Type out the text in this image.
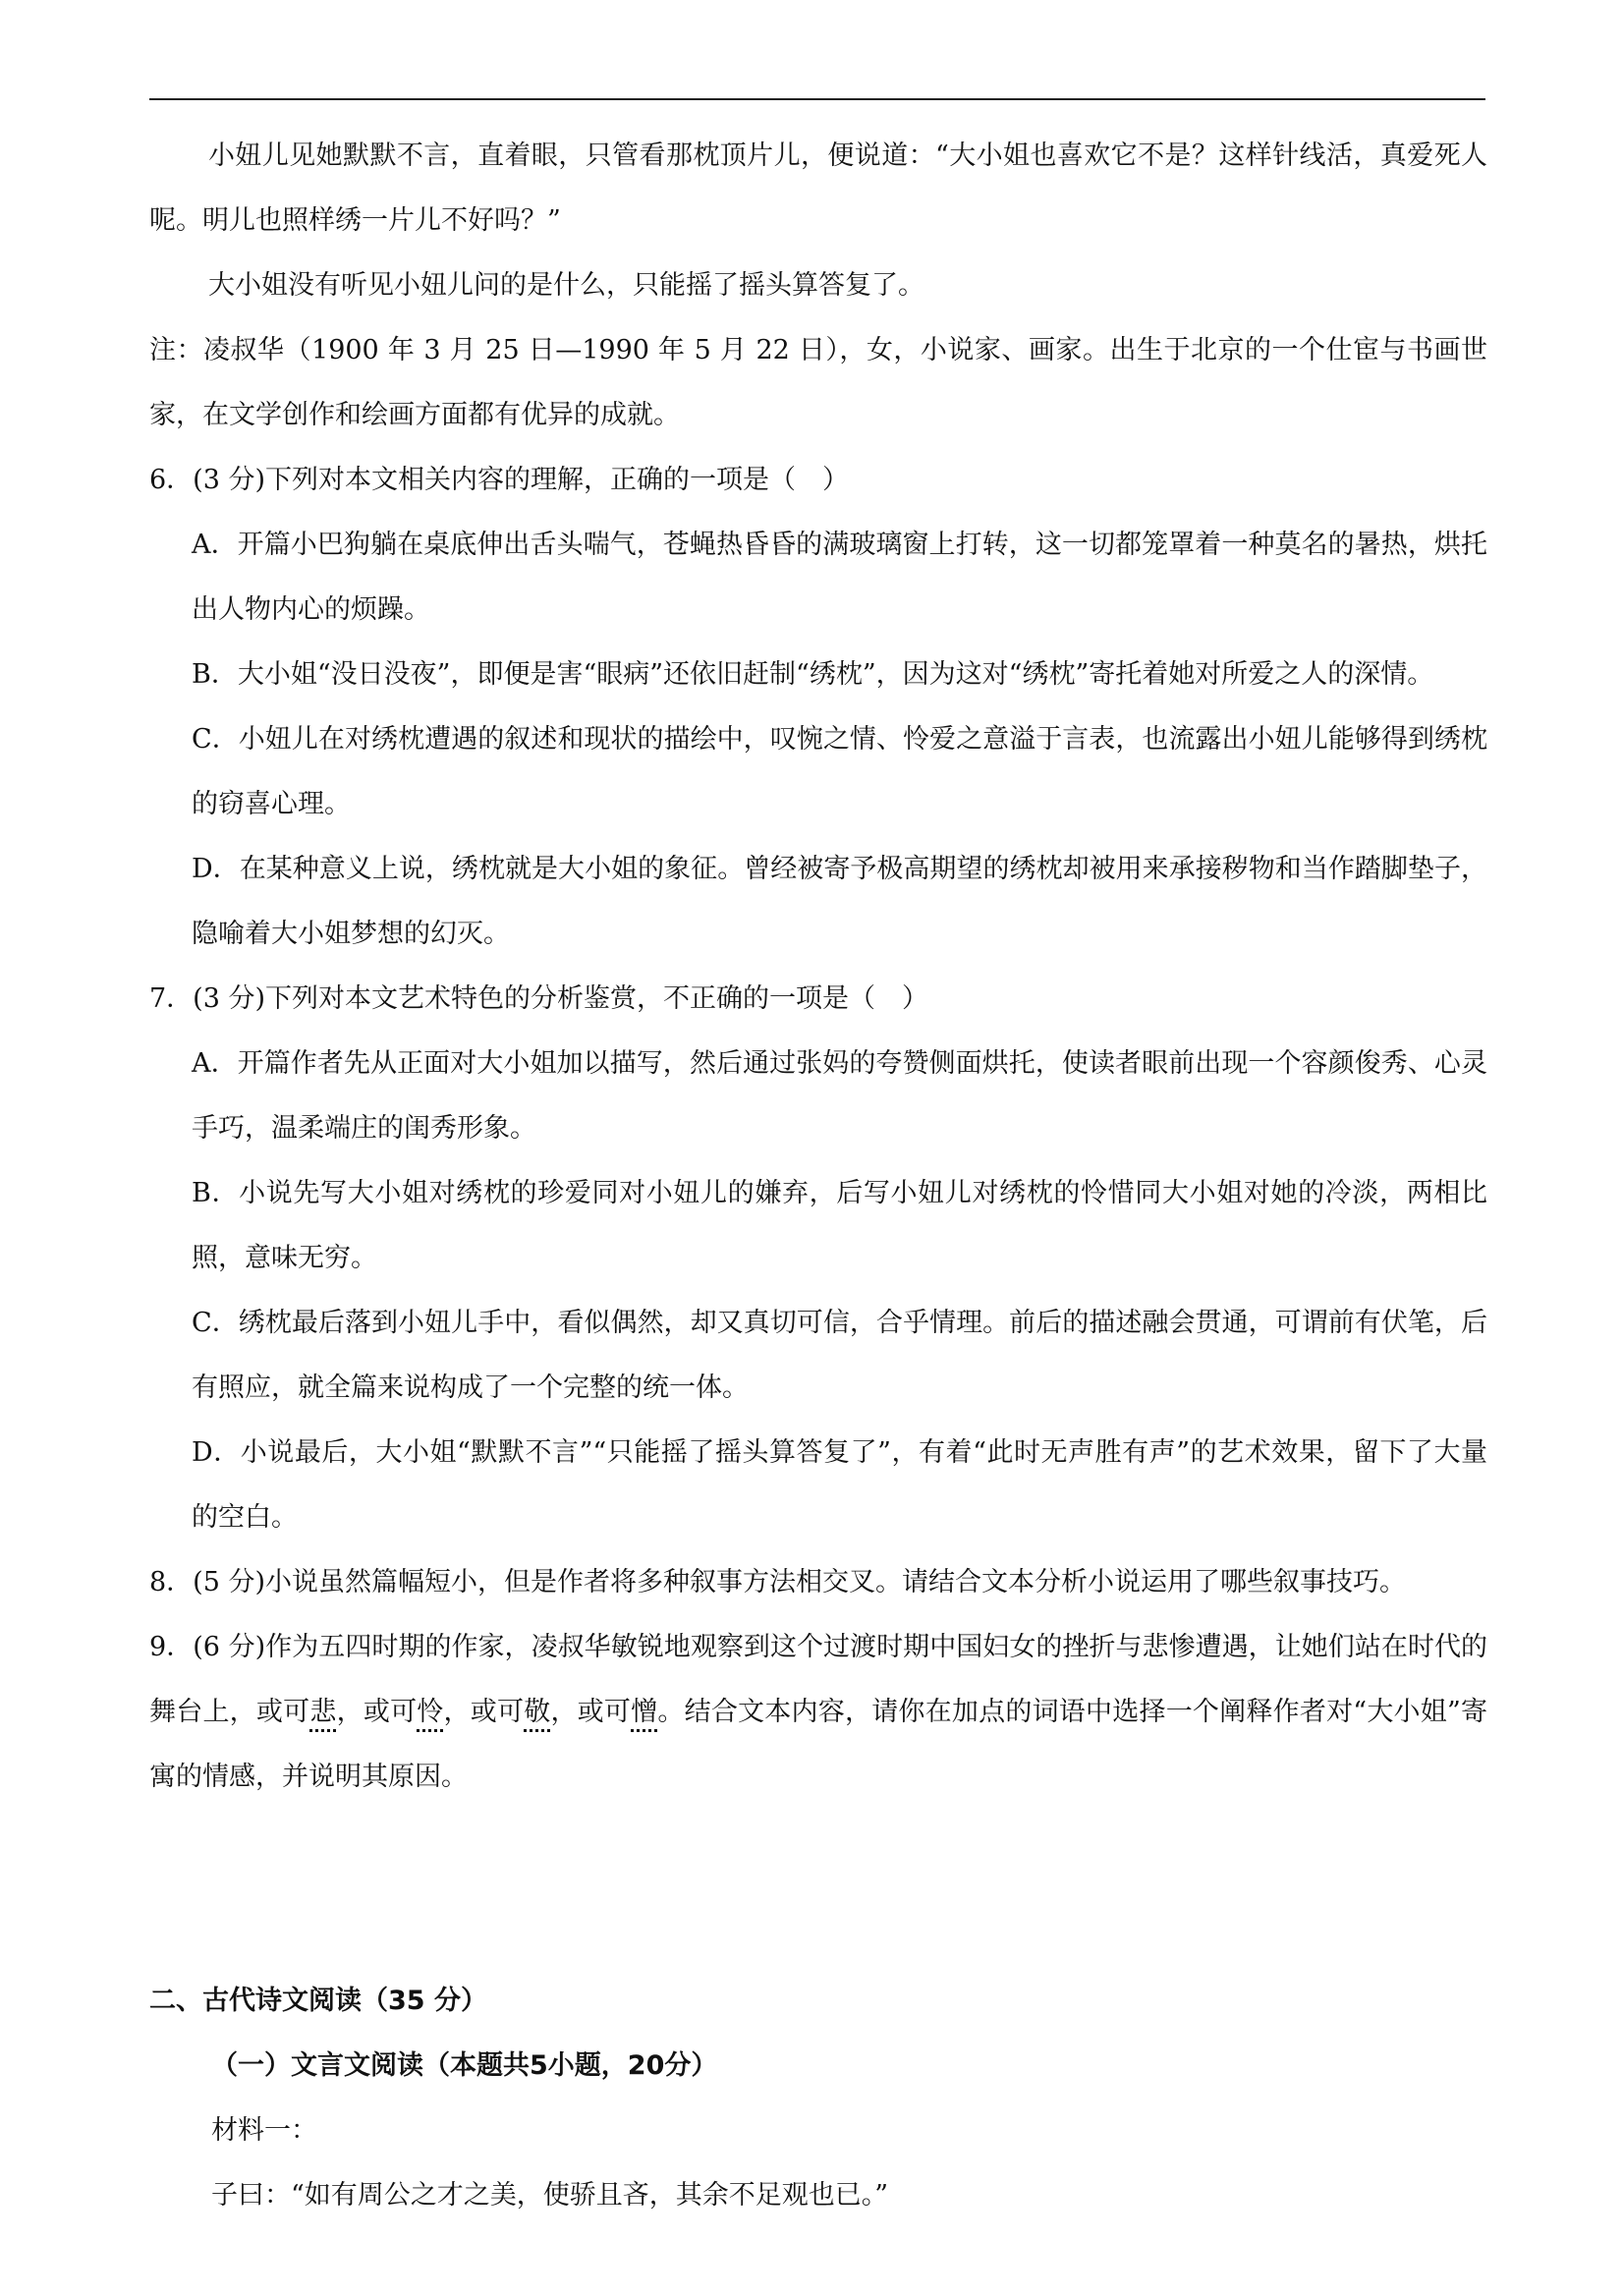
小妞儿见她默默不言，直着眼，只管看那枕顶片儿，便说道：“大小姐也喜欢它不是？这样针线活，真爱死人呢。明儿也照样绣一片儿不好吗？”

大小姐没有听见小妞儿问的是什么，只能摇了摇头算答复了。

注：凌叔华（1900 年 3 月 25 日—1990 年 5 月 22 日），女，小说家、画家。出生于北京的一个仕宦与书画世家，在文学创作和绘画方面都有优异的成就。

6．(3 分)下列对本文相关内容的理解，正确的一项是（　）

A．开篇小巴狗躺在桌底伸出舌头喘气，苍蝇热昏昏的满玻璃窗上打转，这一切都笼罩着一种莫名的暑热，烘托出人物内心的烦躁。

B．大小姐“没日没夜”，即便是害“眼病”还依旧赶制“绣枕”，因为这对“绣枕”寄托着她对所爱之人的深情。

C．小妞儿在对绣枕遭遇的叙述和现状的描绘中，叹惋之情、怜爱之意溢于言表，也流露出小妞儿能够得到绣枕的窃喜心理。

D．在某种意义上说，绣枕就是大小姐的象征。曾经被寄予极高期望的绣枕却被用来承接秽物和当作踏脚垫子，隐喻着大小姐梦想的幻灭。

7．(3 分)下列对本文艺术特色的分析鉴赏，不正确的一项是（　）

A．开篇作者先从正面对大小姐加以描写，然后通过张妈的夸赞侧面烘托，使读者眼前出现一个容颜俊秀、心灵手巧，温柔端庄的闺秀形象。

B．小说先写大小姐对绣枕的珍爱同对小妞儿的嫌弃，后写小妞儿对绣枕的怜惜同大小姐对她的冷淡，两相比照，意味无穷。

C．绣枕最后落到小妞儿手中，看似偶然，却又真切可信，合乎情理。前后的描述融会贯通，可谓前有伏笔，后有照应，就全篇来说构成了一个完整的统一体。

D．小说最后，大小姐“默默不言”“只能摇了摇头算答复了”，有着“此时无声胜有声”的艺术效果，留下了大量的空白。

8．(5 分)小说虽然篇幅短小，但是作者将多种叙事方法相交叉。请结合文本分析小说运用了哪些叙事技巧。

9．(6 分)作为五四时期的作家，凌叔华敏锐地观察到这个过渡时期中国妇女的挫折与悲惨遭遇，让她们站在时代的舞台上，或可悲，或可怜，或可敬，或可憎。结合文本内容，请你在加点的词语中选择一个阐释作者对“大小姐”寄寓的情感，并说明其原因。

二、古代诗文阅读（35 分）

（一）文言文阅读（本题共5小题，20分）

材料一：

子曰：“如有周公之才之美，使骄且吝，其余不足观也已。”
